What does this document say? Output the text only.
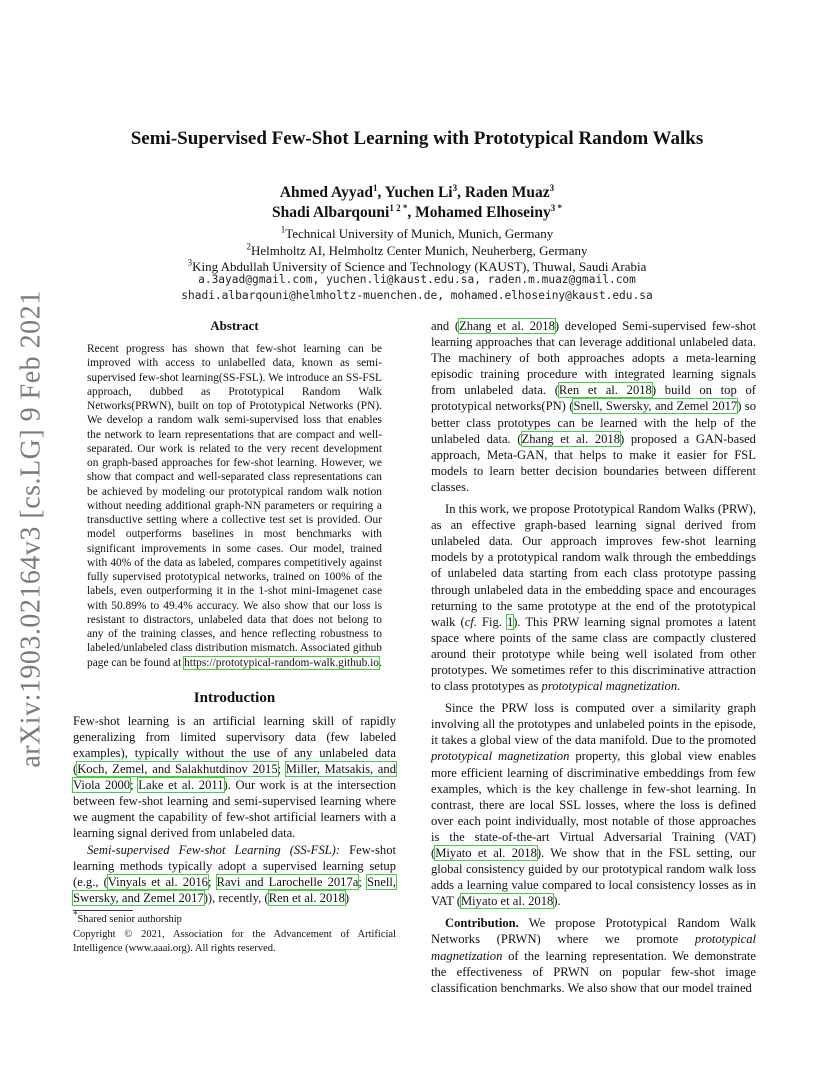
arXiv:1903.02164v3 [cs.LG] 9 Feb 2021
Semi-Supervised Few-Shot Learning with Prototypical Random Walks
Ahmed Ayyad$^1$, Yuchen Li$^3$, Raden Muaz$^3$
Shadi Albarqouni$^{1 2 *}$, Mohamed Elhoseiny$^{3 *}$
$^1$Technical University of Munich, Munich, Germany
$^2$Helmholtz AI, Helmholtz Center Munich, Neuherberg, Germany
$^3$King Abdullah University of Science and Technology (KAUST), Thuwal, Saudi Arabia
a.3ayad@gmail.com, yuchen.li@kaust.edu.sa, raden.m.muaz@gmail.com
shadi.albarqouni@helmholtz-muenchen.de, mohamed.elhoseiny@kaust.edu.sa
Abstract
Recent progress has shown that few-shot learning can be improved with access to unlabelled data, known as semi-supervised few-shot learning(SS-FSL). We introduce an SS-FSL approach, dubbed as Prototypical Random Walk Networks(PRWN), built on top of Prototypical Networks (PN). We develop a random walk semi-supervised loss that enables the network to learn representations that are compact and well-separated. Our work is related to the very recent development on graph-based approaches for few-shot learning. However, we show that compact and well-separated class representations can be achieved by modeling our prototypical random walk notion without needing additional graph-NN parameters or requiring a transductive setting where a collective test set is provided. Our model outperforms baselines in most benchmarks with significant improvements in some cases. Our model, trained with 40% of the data as labeled, compares competitively against fully supervised prototypical networks, trained on 100% of the labels, even outperforming it in the 1-shot mini-Imagenet case with 50.89% to 49.4% accuracy. We also show that our loss is resistant to distractors, unlabeled data that does not belong to any of the training classes, and hence reflecting robustness to labeled/unlabeled class distribution mismatch. Associated github page can be found at https://prototypical-random-walk.github.io.
Introduction

Few-shot learning is an artificial learning skill of rapidly generalizing from limited supervisory data (few labeled examples), typically without the use of any unlabeled data (Koch, Zemel, and Salakhutdinov 2015; Miller, Matsakis, and Viola 2000; Lake et al. 2011). Our work is at the intersection between few-shot learning and semi-supervised learning where we augment the capability of few-shot artificial learners with a learning signal derived from unlabeled data.

Semi-supervised Few-shot Learning (SS-FSL): Few-shot learning methods typically adopt a supervised learning setup (e.g., (Vinyals et al. 2016; Ravi and Larochelle 2017a; Snell, Swersky, and Zemel 2017)), recently, (Ren et al. 2018)

*Shared senior authorship
Copyright © 2021, Association for the Advancement of Artificial Intelligence (www.aaai.org). All rights reserved.

and (Zhang et al. 2018) developed Semi-supervised few-shot learning approaches that can leverage additional unlabeled data. The machinery of both approaches adopts a meta-learning episodic training procedure with integrated learning signals from unlabeled data. (Ren et al. 2018) build on top of prototypical networks(PN) (Snell, Swersky, and Zemel 2017) so better class prototypes can be learned with the help of the unlabeled data. (Zhang et al. 2018) proposed a GAN-based approach, Meta-GAN, that helps to make it easier for FSL models to learn better decision boundaries between different classes.

In this work, we propose Prototypical Random Walks (PRW), as an effective graph-based learning signal derived from unlabeled data. Our approach improves few-shot learning models by a prototypical random walk through the embeddings of unlabeled data starting from each class prototype passing through unlabeled data in the embedding space and encourages returning to the same prototype at the end of the prototypical walk (cf. Fig. 1). This PRW learning signal promotes a latent space where points of the same class are compactly clustered around their prototype while being well isolated from other prototypes. We sometimes refer to this discriminative attraction to class prototypes as prototypical magnetization.

Since the PRW loss is computed over a similarity graph involving all the prototypes and unlabeled points in the episode, it takes a global view of the data manifold. Due to the promoted prototypical magnetization property, this global view enables more efficient learning of discriminative embeddings from few examples, which is the key challenge in few-shot learning. In contrast, there are local SSL losses, where the loss is defined over each point individually, most notable of those approaches is the state-of-the-art Virtual Adversarial Training (VAT) (Miyato et al. 2018). We show that in the FSL setting, our global consistency guided by our prototypical random walk loss adds a learning value compared to local consistency losses as in VAT (Miyato et al. 2018).

Contribution. We propose Prototypical Random Walk Networks (PRWN) where we promote prototypical magnetization of the learning representation. We demonstrate the effectiveness of PRWN on popular few-shot image classification benchmarks. We also show that our model trained
